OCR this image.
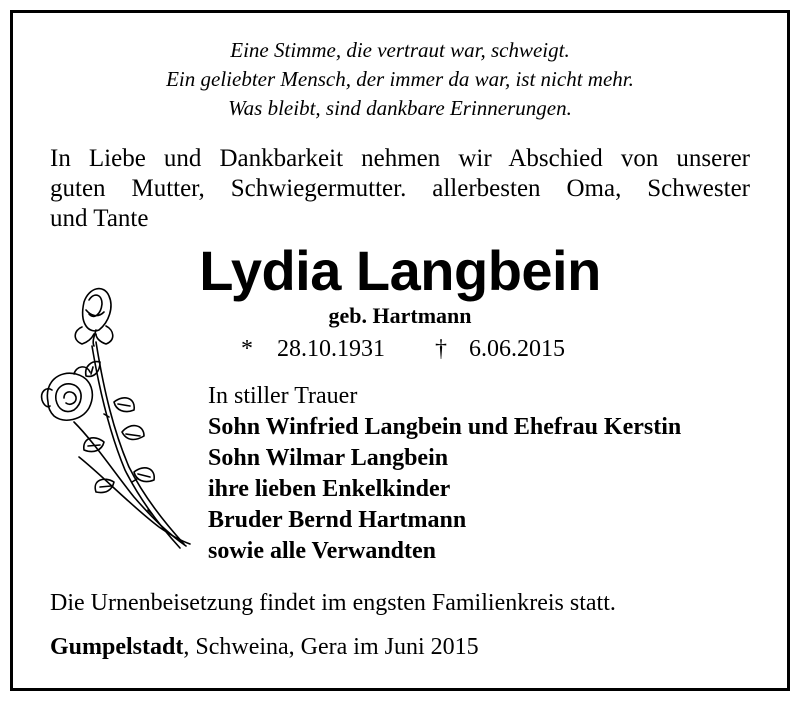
Eine Stimme, die vertraut war, schweigt.
Ein geliebter Mensch, der immer da war, ist nicht mehr.
Was bleibt, sind dankbare Erinnerungen.
In Liebe und Dankbarkeit nehmen wir Abschied von unserer
guten Mutter, Schwiegermutter. allerbesten Oma, Schwester
und Tante
Lydia Langbein
geb. Hartmann
* 28.10.1931 † 6.06.2015
In stiller Trauer
Sohn Winfried Langbein und Ehefrau Kerstin
Sohn Wilmar Langbein
ihre lieben Enkelkinder
Bruder Bernd Hartmann
sowie alle Verwandten
Die Urnenbeisetzung findet im engsten Familienkreis statt.
Gumpelstadt, Schweina, Gera im Juni 2015
